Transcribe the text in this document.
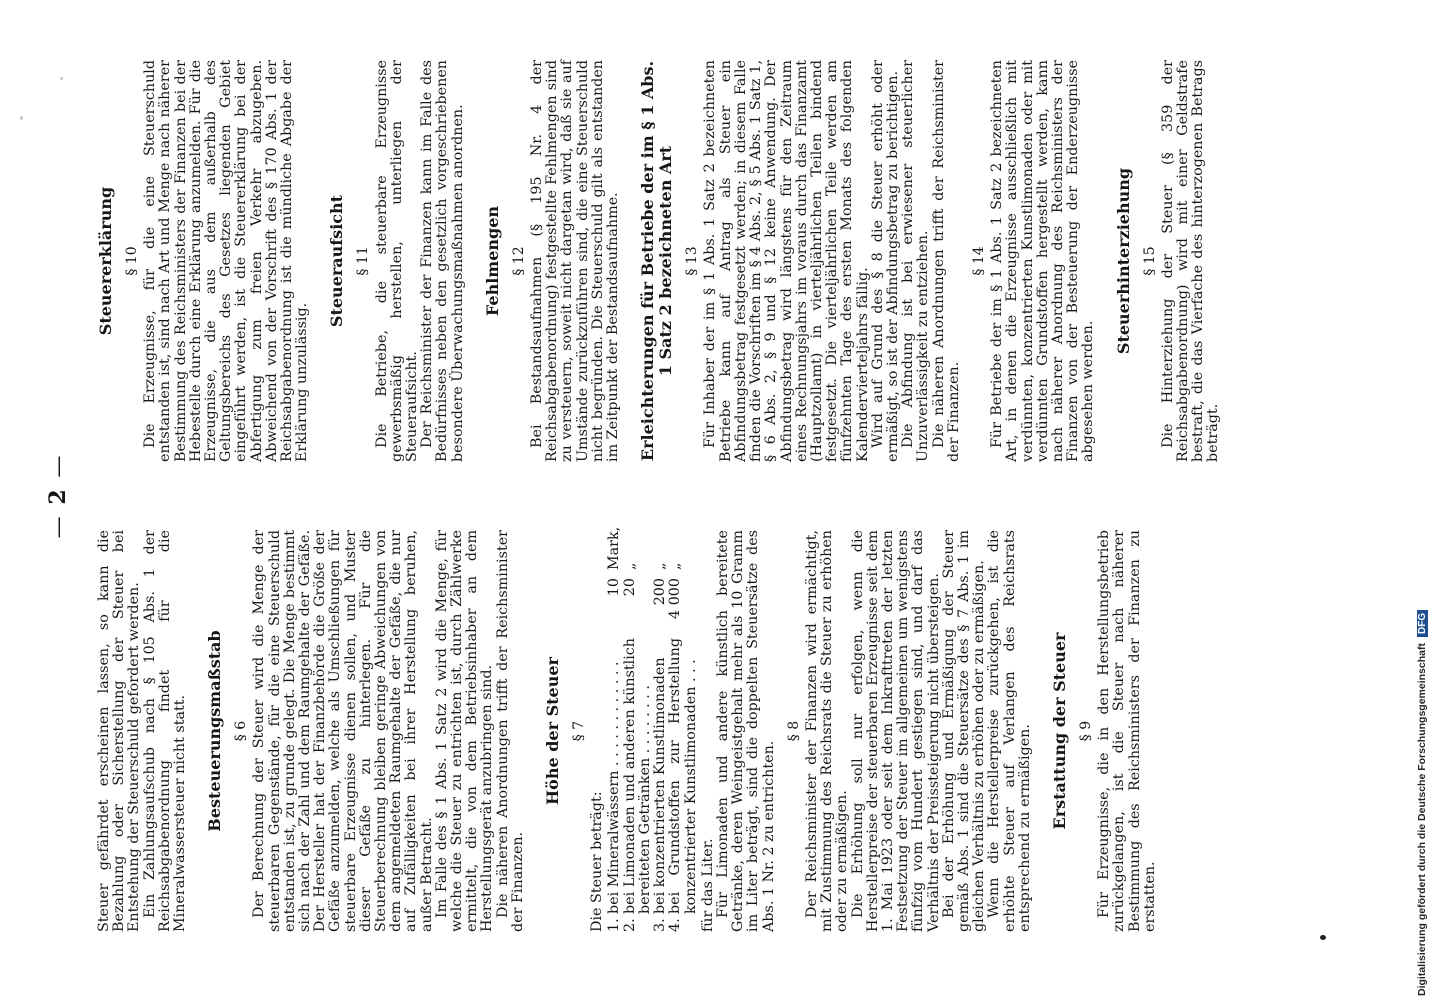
— 2 —

Steuer gefährdet erscheinen lassen, so kann die Bezahlung oder Sicherstellung der Steuer bei Entstehung der Steuerschuld gefordert werden. Ein Zahlungsaufschub nach § 105 Abs. 1 der Reichsabgabenordnung findet für die Mineralwassersteuer nicht statt. Besteuerungsmaßstab § 6 Der Berechnung der Steuer wird die Menge der steuerbaren Gegenstände, für die eine Steuerschuld entstanden ist, zu grunde gelegt. Die Menge bestimmt sich nach der Zahl und dem Raumgehalte der Gefäße. Der Hersteller hat der Finanzbehörde die Größe der Gefäße anzumelden, welche als Umschließungen für steuerbare Erzeugnisse dienen sollen, und Muster dieser Gefäße zu hinterlegen. Für die Steuerberechnung bleiben geringe Abweichungen von dem angemeldeten Raumgehalte der Gefäße, die nur auf Zufälligkeiten bei ihrer Herstellung beruhen, außer Betracht. Im Falle des § 1 Abs. 1 Satz 2 wird die Menge, für welche die Steuer zu entrichten ist, durch Zählwerke ermittelt, die von dem Betriebsinhaber an dem Herstellungsgerät anzubringen sind. Die näheren Anordnungen trifft der Reichsminister der Finanzen.

Höhe der Steuer § 7

Die Steuer beträgt: 1.
bei Mineralwässern . . . . . . . . . . . .
10
Mark,
2.
bei Limonaden und anderen künstlich bereiteten Getränken . . . . . . . .
20
„
3.
bei konzentrierten Kunstlimonaden
200
„
4.
bei Grundstoffen zur Herstellung konzentrierter Kunstlimonaden . . .
4 000
„

für das Liter. Für Limonaden und andere künstlich bereitete Getränke, deren Weingeistgehalt mehr als 10 Gramm im Liter beträgt, sind die doppelten Steuersätze des Abs. 1 Nr. 2 zu entrichten.

§ 8 Der Reichsminister der Finanzen wird ermächtigt, mit Zustimmung des Reichsrats die Steuer zu erhöhen oder zu ermäßigen. Die Erhöhung soll nur erfolgen, wenn die Herstellerpreise der steuerbaren Erzeugnisse seit dem 1. Mai 1923 oder seit dem Inkrafttreten der letzten Festsetzung der Steuer im allgemeinen um wenigstens fünfzig vom Hundert gestiegen sind, und darf das Verhältnis der Preissteigerung nicht übersteigen. Bei der Erhöhung und Ermäßigung der Steuer gemäß Abs. 1 sind die Steuersätze des § 7 Abs. 1 im gleichen Verhältnis zu erhöhen oder zu ermäßigen. Wenn die Herstellerpreise zurückgehen, ist die erhöhte Steuer auf Verlangen des Reichsrats entsprechend zu ermäßigen. Erstattung der Steuer § 9 Für Erzeugnisse, die in den Herstellungsbetrieb zurückgelangen, ist die Steuer nach näherer Bestimmung des Reichsministers der Finanzen zu erstatten.

Steuererklärung § 10 Die Erzeugnisse, für die eine Steuerschuld entstanden ist, sind nach Art und Menge nach näherer Bestimmung des Reichsministers der Finanzen bei der Hebestelle durch eine Erklärung anzumelden. Für die Erzeugnisse, die aus dem außerhalb des Geltungsbereichs des Gesetzes liegenden Gebiet eingeführt werden, ist die Steuererklärung bei der Abfertigung zum freien Verkehr abzugeben. Abweichend von der Vorschrift des § 170 Abs. 1 der Reichsabgabenordnung ist die mündliche Abgabe der Erklärung unzulässig.

Steueraufsicht § 11 Die Betriebe, die steuerbare Erzeugnisse gewerbsmäßig herstellen, unterliegen der Steueraufsicht. Der Reichsminister der Finanzen kann im Falle des Bedürfnisses neben den gesetzlich vorgeschriebenen besondere Überwachungsmaßnahmen anordnen. Fehlmengen § 12 Bei Bestandsaufnahmen (§ 195 Nr. 4 der Reichsabgabenordnung) festgestellte Fehlmengen sind zu versteuern, soweit nicht dargetan wird, daß sie auf Umstände zurückzuführen sind, die eine Steuerschuld nicht begründen. Die Steuerschuld gilt als entstanden im Zeitpunkt der Bestandsaufnahme. Erleichterungen für Betriebe der im § 1 Abs. 1 Satz 2 bezeichneten Art § 13 Für Inhaber der im § 1 Abs. 1 Satz 2 bezeichneten Betriebe kann auf Antrag als Steuer ein Abfindungsbetrag festgesetzt werden; in diesem Falle finden die Vorschriften im § 4 Abs. 2, § 5 Abs. 1 Satz 1, § 6 Abs. 2, § 9 und § 12 keine Anwendung. Der Abfindungsbetrag wird längstens für den Zeitraum eines Rechnungsjahrs im voraus durch das Finanzamt (Hauptzollamt) in vierteljährlichen Teilen bindend festgesetzt. Die vierteljährlichen Teile werden am fünfzehnten Tage des ersten Monats des folgenden Kalendervierteljahrs fällig. Wird auf Grund des § 8 die Steuer erhöht oder ermäßigt, so ist der Abfindungsbetrag zu berichtigen. Die Abfindung ist bei erwiesener steuerlicher Unzuverlässigkeit zu entziehen. Die näheren Anordnungen trifft der Reichsminister der Finanzen.

§ 14 Für Betriebe der im § 1 Abs. 1 Satz 2 bezeichneten Art, in denen die Erzeugnisse ausschließlich mit verdünnten, konzentrierten Kunstlimonaden oder mit verdünnten Grundstoffen hergestellt werden, kann nach näherer Anordnung des Reichsministers der Finanzen von der Besteuerung der Enderzeugnisse abgesehen werden.

Steuerhinterziehung § 15 Die Hinterziehung der Steuer (§ 359 der Reichsabgabenordnung) wird mit einer Geldstrafe bestraft, die das Vierfache des hinterzogenen Betrags beträgt.

Digitalisierung gefördert durch die Deutsche Forschungsgemeinschaft
DFG
